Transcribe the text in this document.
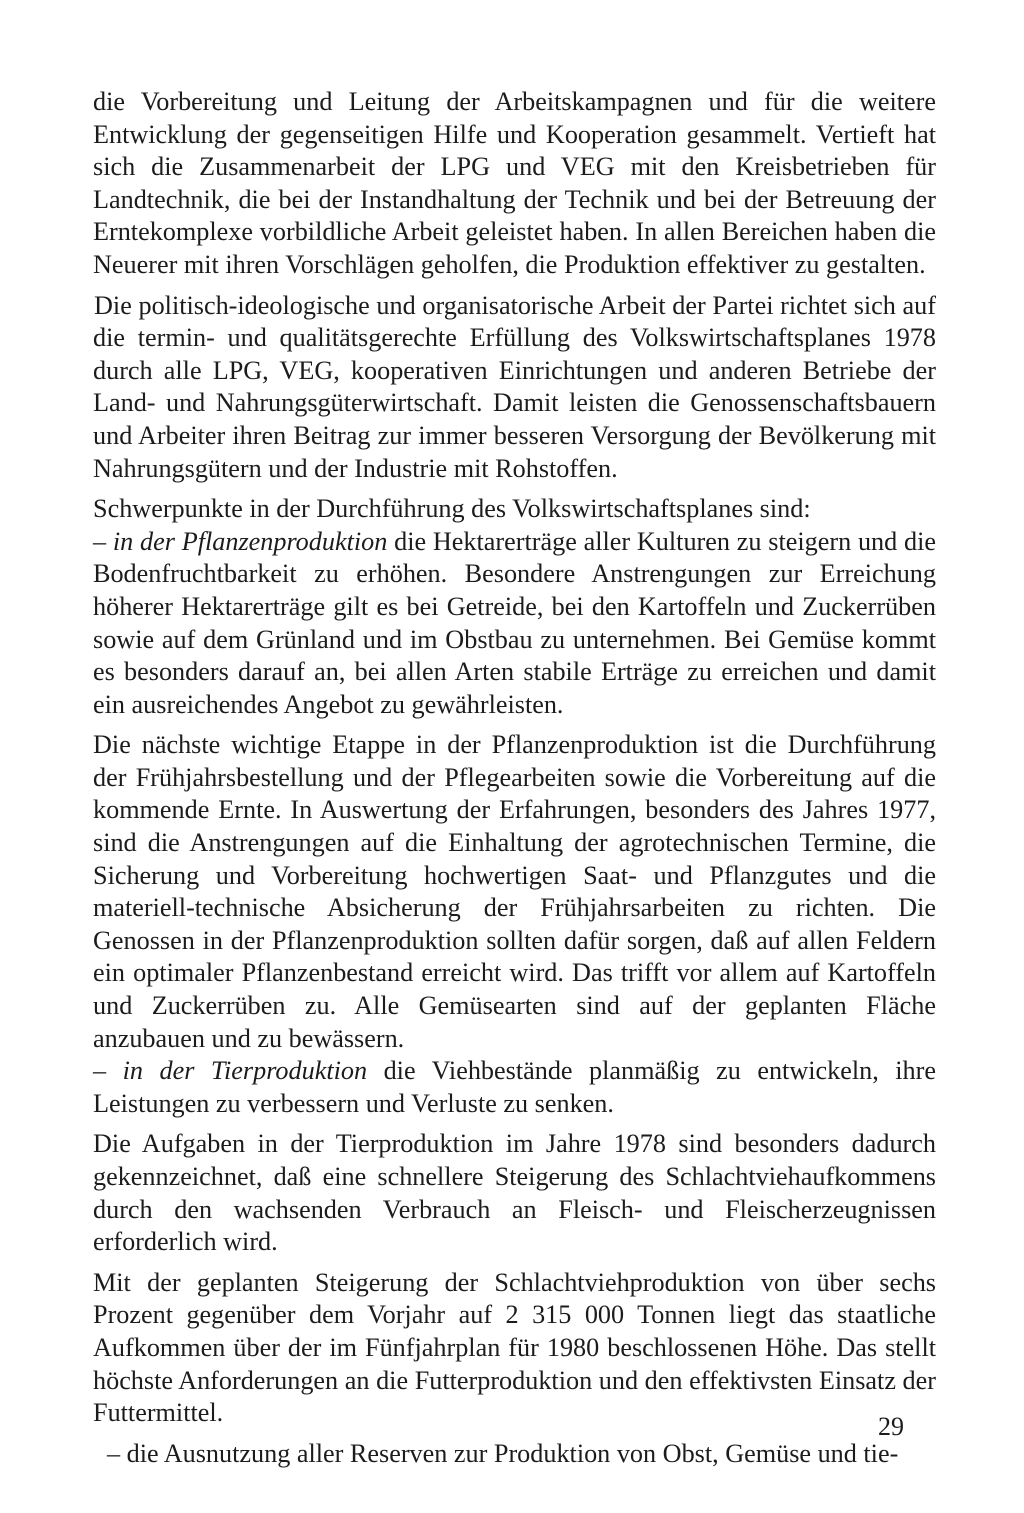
die Vorbereitung und Leitung der Arbeitskampagnen und für die weitere Entwicklung der gegenseitigen Hilfe und Kooperation gesammelt. Vertieft hat sich die Zusammenarbeit der LPG und VEG mit den Kreisbetrieben für Landtechnik, die bei der Instandhaltung der Technik und bei der Betreuung der Erntekomplexe vorbildliche Arbeit geleistet haben. In allen Bereichen haben die Neuerer mit ihren Vorschlägen geholfen, die Produktion effektiver zu gestalten.

Die politisch-ideologische und organisatorische Arbeit der Partei richtet sich auf die termin- und qualitätsgerechte Erfüllung des Volkswirtschaftsplanes 1978 durch alle LPG, VEG, kooperativen Einrichtungen und anderen Betriebe der Land- und Nahrungsgüterwirtschaft. Damit leisten die Genossenschaftsbauern und Arbeiter ihren Beitrag zur immer besseren Versorgung der Bevölkerung mit Nahrungsgütern und der Industrie mit Rohstoffen.

Schwerpunkte in der Durchführung des Volkswirtschaftsplanes sind:

– in der Pflanzenproduktion die Hektarerträge aller Kulturen zu steigern und die Bodenfruchtbarkeit zu erhöhen. Besondere Anstrengungen zur Erreichung höherer Hektarerträge gilt es bei Getreide, bei den Kartoffeln und Zuckerrüben sowie auf dem Grünland und im Obstbau zu unternehmen. Bei Gemüse kommt es besonders darauf an, bei allen Arten stabile Erträge zu erreichen und damit ein ausreichendes Angebot zu gewährleisten.

Die nächste wichtige Etappe in der Pflanzenproduktion ist die Durchführung der Frühjahrsbestellung und der Pflegearbeiten sowie die Vorbereitung auf die kommende Ernte. In Auswertung der Erfahrungen, besonders des Jahres 1977, sind die Anstrengungen auf die Einhaltung der agrotechnischen Termine, die Sicherung und Vorbereitung hochwertigen Saat- und Pflanzgutes und die materiell-technische Absicherung der Frühjahrsarbeiten zu richten. Die Genossen in der Pflanzenproduktion sollten dafür sorgen, daß auf allen Feldern ein optimaler Pflanzenbestand erreicht wird. Das trifft vor allem auf Kartoffeln und Zuckerrüben zu. Alle Gemüsearten sind auf der geplanten Fläche anzubauen und zu bewässern.

– in der Tierproduktion die Viehbestände planmäßig zu entwickeln, ihre Leistungen zu verbessern und Verluste zu senken.

Die Aufgaben in der Tierproduktion im Jahre 1978 sind besonders dadurch gekennzeichnet, daß eine schnellere Steigerung des Schlachtviehaufkommens durch den wachsenden Verbrauch an Fleisch- und Fleischerzeugnissen erforderlich wird.

Mit der geplanten Steigerung der Schlachtviehproduktion von über sechs Prozent gegenüber dem Vorjahr auf 2 315 000 Tonnen liegt das staatliche Aufkommen über der im Fünfjahrplan für 1980 beschlossenen Höhe. Das stellt höchste Anforderungen an die Futterproduktion und den effektivsten Einsatz der Futtermittel.

– die Ausnutzung aller Reserven zur Produktion von Obst, Gemüse und tie-

29
